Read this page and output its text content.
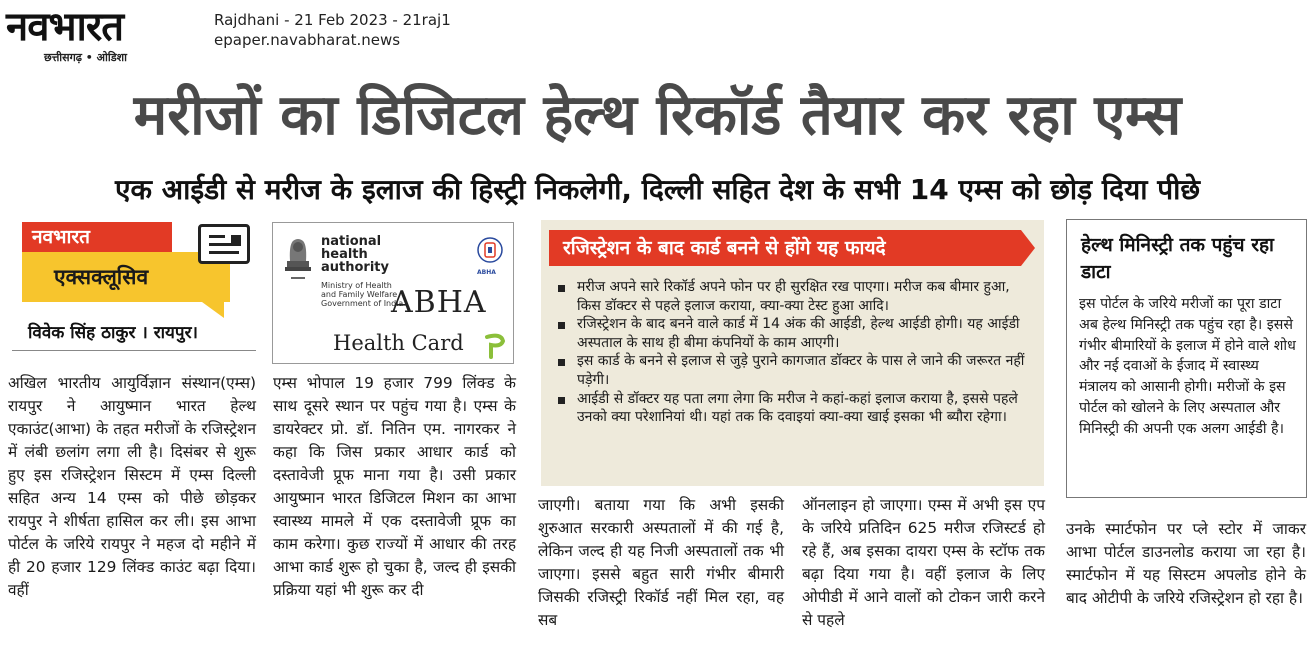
नवभारत
छत्तीसगढ़ • ओडिशा
Rajdhani - 21 Feb 2023 - 21raj1
epaper.navabharat.news
मरीजों का डिजिटल हेल्थ रिकॉर्ड तैयार कर रहा एम्स
एक आईडी से मरीज के इलाज की हिस्ट्री निकलेगी, दिल्ली सहित देश के सभी 14 एम्स को छोड़ दिया पीछे
एक्सक्लूसिव
नवभारत
विवेक सिंह ठाकुर । रायपुर।
अखिल भारतीय आयुर्विज्ञान संस्थान(एम्स) रायपुर ने आयुष्मान भारत हेल्थ एकाउंट(आभा) के तहत मरीजों के रजिस्ट्रेशन में लंबी छलांग लगा ली है। दिसंबर से शुरू हुए इस रजिस्ट्रेशन सिस्टम में एम्स दिल्ली सहित अन्य 14 एम्स को पीछे छोड़कर रायपुर ने शीर्षता हासिल कर ली। इस आभा पोर्टल के जरिये रायपुर ने महज दो महीने में ही 20 हजार 129 लिंक्ड काउंट बढ़ा दिया। वहीं
national
health
authority
Ministry of Health
and Family Welfare
Government of India
ABHA
ABHA
Health Card
एम्स भोपाल 19 हजार 799 लिंक्ड के साथ दूसरे स्थान पर पहुंच गया है। एम्स के डायरेक्टर प्रो. डॉ. नितिन एम. नागरकर ने कहा कि जिस प्रकार आधार कार्ड को दस्तावेजी प्रूफ माना गया है। उसी प्रकार आयुष्मान भारत डिजिटल मिशन का आभा स्वास्थ्य मामले में एक दस्तावेजी प्रूफ का काम करेगा। कुछ राज्यों में आधार की तरह आभा कार्ड शुरू हो चुका है, जल्द ही इसकी प्रक्रिया यहां भी शुरू कर दी
रजिस्ट्रेशन के बाद कार्ड बनने से होंगे यह फायदे
मरीज अपने सारे रिकॉर्ड अपने फोन पर ही सुरक्षित रख पाएगा। मरीज कब बीमार हुआ, किस डॉक्टर से पहले इलाज कराया, क्या-क्या टेस्ट हुआ आदि।
रजिस्ट्रेशन के बाद बनने वाले कार्ड में 14 अंक की आईडी, हेल्थ आईडी होगी। यह आईडी अस्पताल के साथ ही बीमा कंपनियों के काम आएगी।
इस कार्ड के बनने से इलाज से जुड़े पुराने कागजात डॉक्टर के पास ले जाने की जरूरत नहीं पड़ेगी।
आईडी से डॉक्टर यह पता लगा लेगा कि मरीज ने कहां-कहां इलाज कराया है, इससे पहले उनको क्या परेशानियां थी। यहां तक कि दवाइयां क्या-क्या खाई इसका भी ब्यौरा रहेगा।
जाएगी। बताया गया कि अभी इसकी शुरुआत सरकारी अस्पतालों में की गई है, लेकिन जल्द ही यह निजी अस्पतालों तक भी जाएगा। इससे बहुत सारी गंभीर बीमारी जिसकी रजिस्ट्री रिकॉर्ड नहीं मिल रहा, वह सब
ऑनलाइन हो जाएगा। एम्स में अभी इस एप के जरिये प्रतिदिन 625 मरीज रजिस्टर्ड हो रहे हैं, अब इसका दायरा एम्स के स्टॉफ तक बढ़ा दिया गया है। वहीं इलाज के लिए ओपीडी में आने वालों को टोकन जारी करने से पहले
हेल्थ मिनिस्ट्री तक पहुंच रहा डाटा
इस पोर्टल के जरिये मरीजों का पूरा डाटा अब हेल्थ मिनिस्ट्री तक पहुंच रहा है। इससे गंभीर बीमारियों के इलाज में होने वाले शोध और नई दवाओं के ईजाद में स्वास्थ्य मंत्रालय को आसानी होगी। मरीजों के इस पोर्टल को खोलने के लिए अस्पताल और मिनिस्ट्री की अपनी एक अलग आईडी है।
उनके स्मार्टफोन पर प्ले स्टोर में जाकर आभा पोर्टल डाउनलोड कराया जा रहा है। स्मार्टफोन में यह सिस्टम अपलोड होने के बाद ओटीपी के जरिये रजिस्ट्रेशन हो रहा है।
